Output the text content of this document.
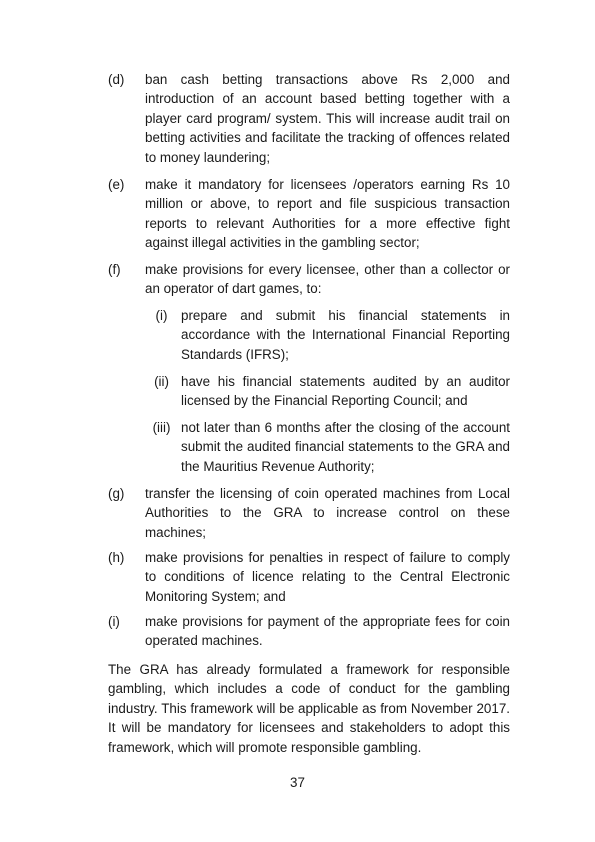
(d)	ban cash betting transactions above Rs 2,000 and introduction of an account based betting together with a player card program/ system. This will increase audit trail on betting activities and facilitate the tracking of offences related to money laundering;
(e)	make it mandatory for licensees /operators earning Rs 10 million or above, to report and file suspicious transaction reports to relevant Authorities for a more effective fight against illegal activities in the gambling sector;
(f)	make provisions for every licensee, other than a collector or an operator of dart games, to:
(i)	prepare and submit his financial statements in accordance with the International Financial Reporting Standards (IFRS);
(ii) have his financial statements audited by an auditor licensed by the Financial Reporting Council; and
(iii) not later than 6 months after the closing of the account submit the audited financial statements to the GRA and the Mauritius Revenue Authority;
(g)	transfer the licensing of coin operated machines from Local Authorities to the GRA to increase control on these machines;
(h)	make provisions for penalties in respect of failure to comply to conditions of licence relating to the Central Electronic Monitoring System; and
(i)	make provisions for payment of the appropriate fees for coin operated machines.
The GRA has already formulated a framework for responsible gambling, which includes a code of conduct for the gambling industry. This framework will be applicable as from November 2017. It will be mandatory for licensees and stakeholders to adopt this framework, which will promote responsible gambling.
37
